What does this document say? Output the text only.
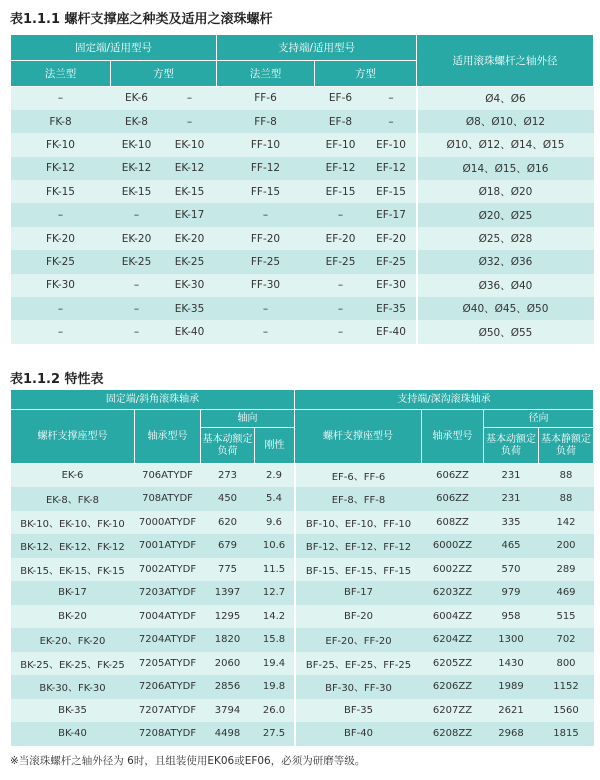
表1.1.1 螺杆支撑座之种类及适用之滚珠螺杆
固定端/适用型号			支持端/适用型号			适用滚珠螺杆之轴外径
法兰型	方型		法兰型	方型		
–	EK-6	–	FF-6	EF-6	–	Ø4、Ø6
FK-8	EK-8	–	FF-8	EF-8	–	Ø8、Ø10、Ø12
FK-10	EK-10	EK-10	FF-10	EF-10	EF-10	Ø10、Ø12、Ø14、Ø15
FK-12	EK-12	EK-12	FF-12	EF-12	EF-12	Ø14、Ø15、Ø16
FK-15	EK-15	EK-15	FF-15	EF-15	EF-15	Ø18、Ø20
–	–	EK-17	–	–	EF-17	Ø20、Ø25
FK-20	EK-20	EK-20	FF-20	EF-20	EF-20	Ø25、Ø28
FK-25	EK-25	EK-25	FF-25	EF-25	EF-25	Ø32、Ø36
FK-30	–	EK-30	FF-30	–	EF-30	Ø36、Ø40
–	–	EK-35	–	–	EF-35	Ø40、Ø45、Ø50
–	–	EK-40	–	–	EF-40	Ø50、Ø55
表1.1.2 特性表
固定端/斜角滚珠轴承				支持端/深沟滚珠轴承			
螺杆支撑座型号	轴承型号	轴向		螺杆支撑座型号	轴承型号	径向	
		基本动额定负荷	刚性			基本动额定负荷	基本静额定负荷
EK-6	706ATYDF	273	2.9	EF-6、FF-6	606ZZ	231	88
EK-8、FK-8	708ATYDF	450	5.4	EF-8、FF-8	606ZZ	231	88
BK-10、EK-10、FK-10	7000ATYDF	620	9.6	BF-10、EF-10、FF-10	608ZZ	335	142
BK-12、EK-12、FK-12	7001ATYDF	679	10.6	BF-12、EF-12、FF-12	6000ZZ	465	200
BK-15、EK-15、FK-15	7002ATYDF	775	11.5	BF-15、EF-15、FF-15	6002ZZ	570	289
BK-17	7203ATYDF	1397	12.7	BF-17	6203ZZ	979	469
BK-20	7004ATYDF	1295	14.2	BF-20	6004ZZ	958	515
EK-20、FK-20	7204ATYDF	1820	15.8	EF-20、FF-20	6204ZZ	1300	702
BK-25、EK-25、FK-25	7205ATYDF	2060	19.4	BF-25、EF-25、FF-25	6205ZZ	1430	800
BK-30、FK-30	7206ATYDF	2856	19.8	BF-30、FF-30	6206ZZ	1989	1152
BK-35	7207ATYDF	3794	26.0	BF-35	6207ZZ	2621	1560
BK-40	7208ATYDF	4498	27.5	BF-40	6208ZZ	2968	1815
※当滚珠螺杆之轴外径为 6时，且组装使用EK06或EF06，必须为研磨等级。
